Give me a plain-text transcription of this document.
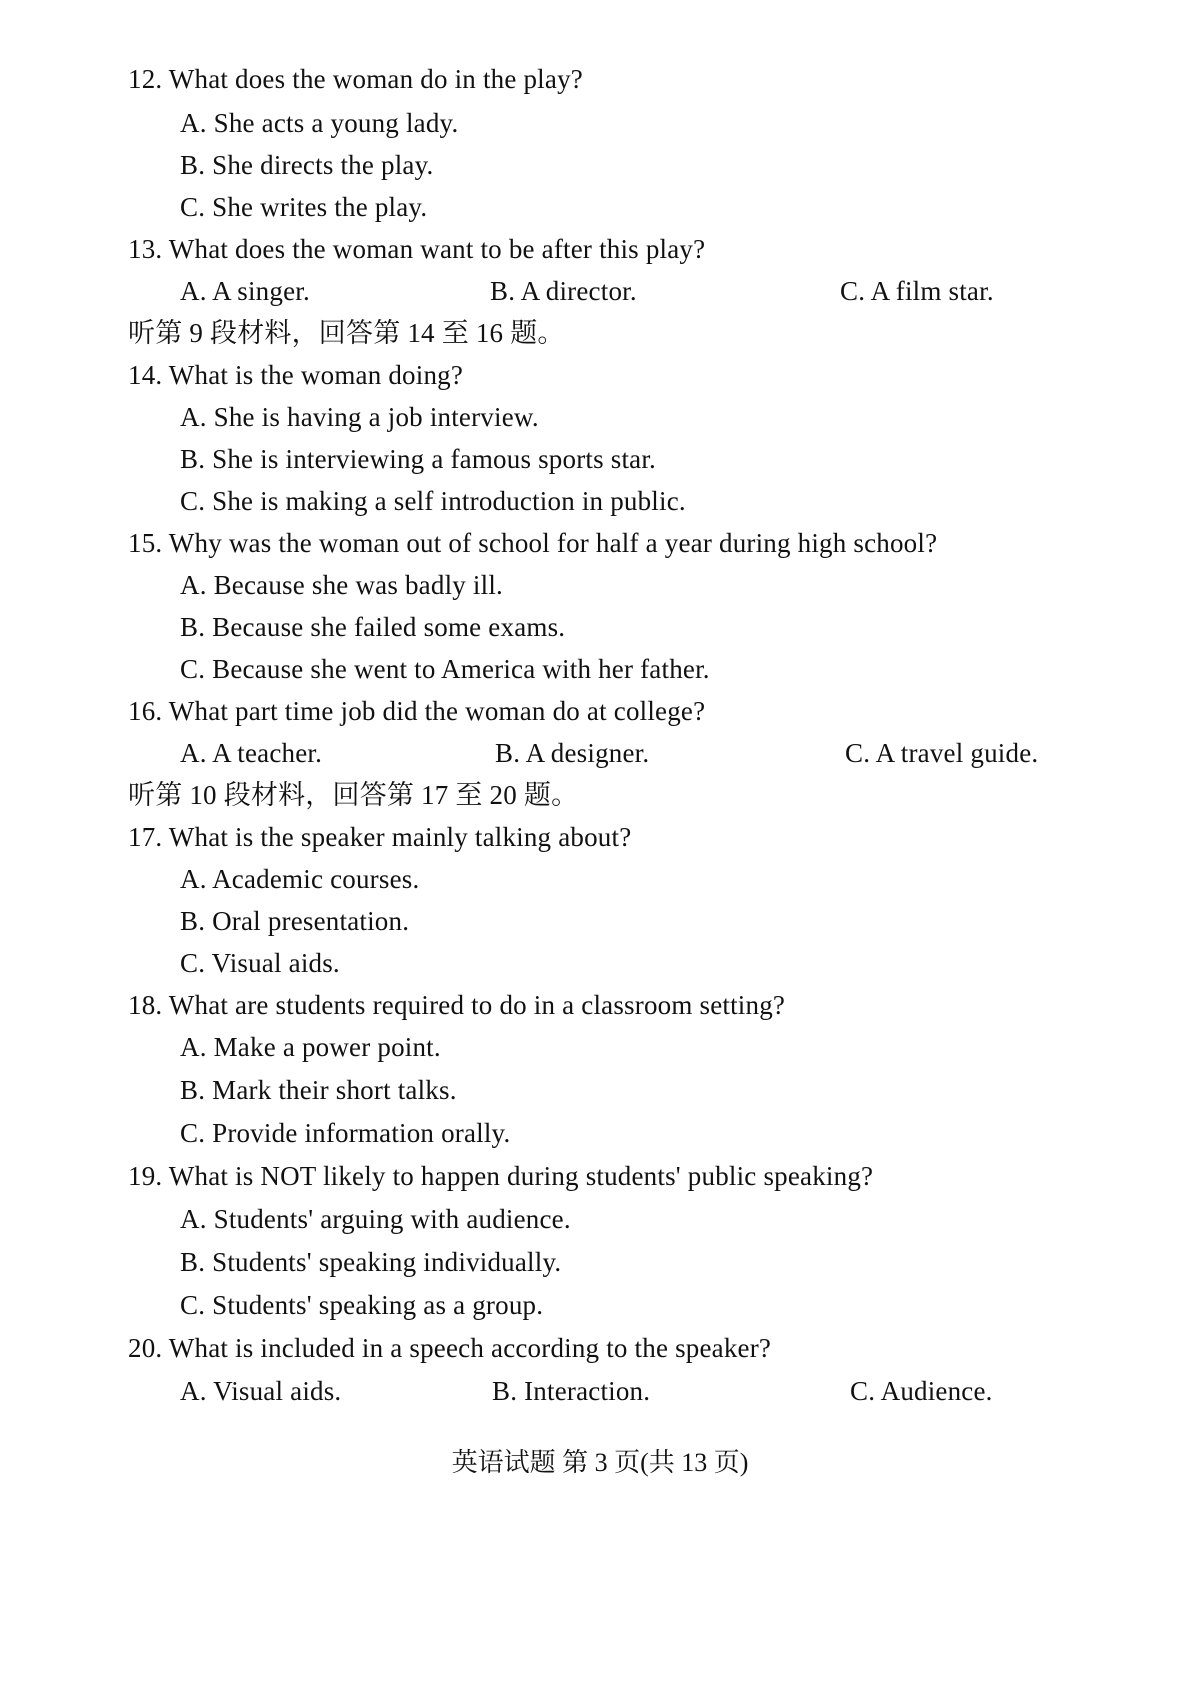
12. What does the woman do in the play?
A. She acts a young lady.
B. She directs the play.
C. She writes the play.
13. What does the woman want to be after this play?
A. A singer.	B. A director.	C. A film star.
听第 9 段材料，回答第 14 至 16 题。
14. What is the woman doing?
A. She is having a job interview.
B. She is interviewing a famous sports star.
C. She is making a self introduction in public.
15. Why was the woman out of school for half a year during high school?
A. Because she was badly ill.
B. Because she failed some exams.
C. Because she went to America with her father.
16. What part time job did the woman do at college?
A. A teacher.	B. A designer.	C. A travel guide.
听第 10 段材料，回答第 17 至 20 题。
17. What is the speaker mainly talking about?
A. Academic courses.
B. Oral presentation.
C. Visual aids.
18. What are students required to do in a classroom setting?
A. Make a power point.
B. Mark their short talks.
C. Provide information orally.
19. What is NOT likely to happen during students' public speaking?
A. Students' arguing with audience.
B. Students' speaking individually.
C. Students' speaking as a group.
20. What is included in a speech according to the speaker?
A. Visual aids.	B. Interaction.	C. Audience.
英语试题 第 3 页(共 13 页)
